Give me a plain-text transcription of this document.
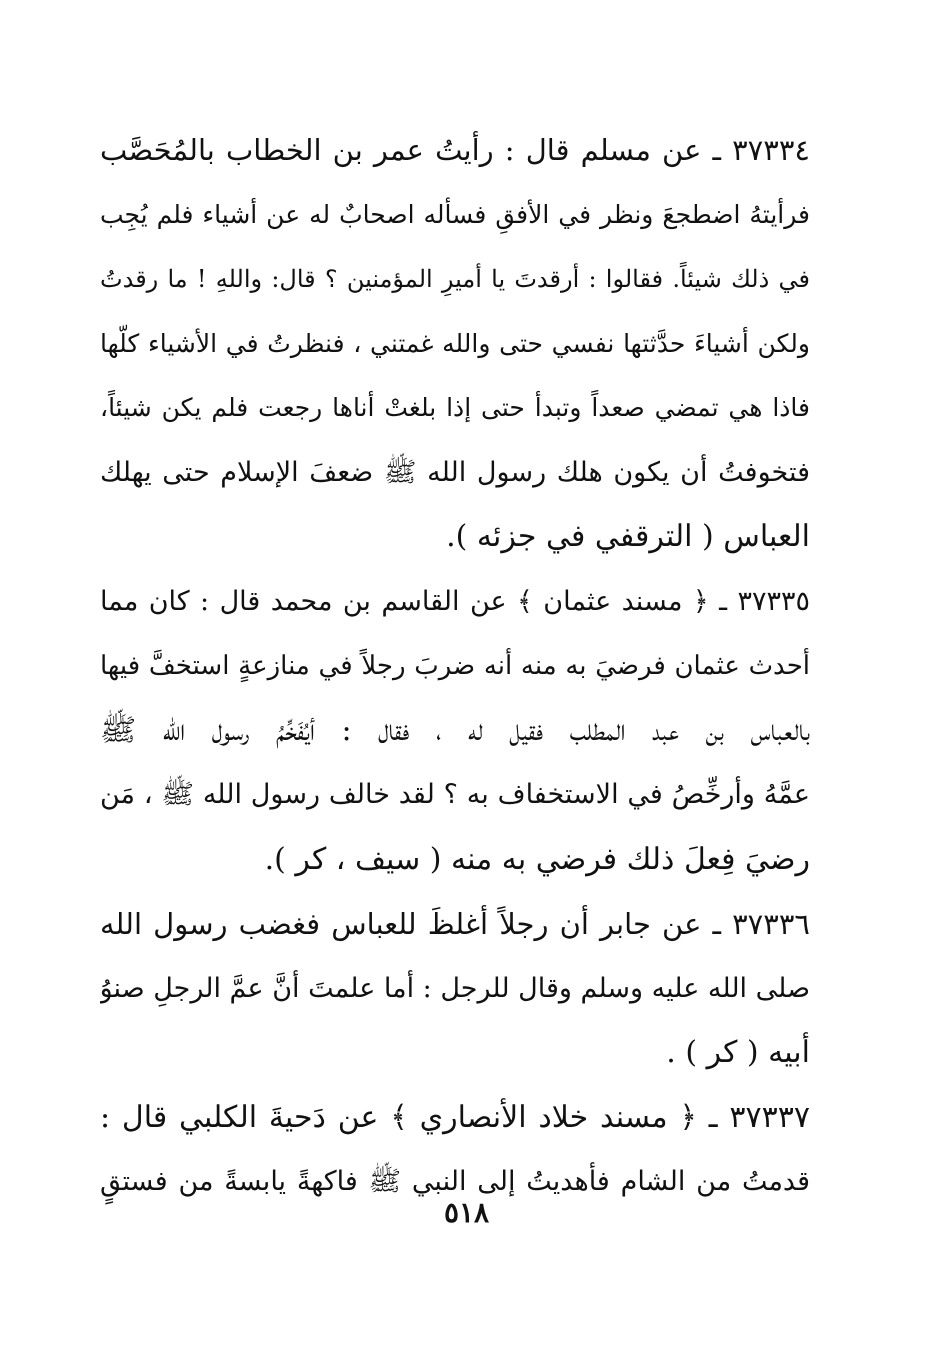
٣٧٣٣٤ ـ عن مسلم قال : رأيتُ عمر بن الخطاب بالمُحَصَّب
فرأيتهُ اضطجعَ ونظر في الأفقِ فسأله اصحابٌ له عن أشياء فلم يُجِب
في ذلك شيئاً. فقالوا : أرقدتَ يا أميرِ المؤمنين ؟ قال: واللهِ ! ما رقدتُ
ولكن أشياءَ حدَّثتها نفسي حتى والله غمتني ، فنظرتُ في الأشياء كلّها
فاذا هي تمضي صعداً وتبدأ حتى إذا بلغتْ أناها رجعت فلم يكن شيئاً،
فتخوفتُ أن يكون هلك رسول الله ﷺ ضعفَ الإسلام حتى يهلك
العباس ( الترقفي في جزئه ).
٣٧٣٣٥ ـ ﴿ مسند عثمان ﴾ عن القاسم بن محمد قال : كان مما
أحدث عثمان فرضيَ به منه أنه ضربَ رجلاً في منازعةٍ استخفَّ فيها
بالعباس بن عبد المطلب فقيل له ، فقال : أيُفَخِّمُ رسول الله ﷺ
عمَّهُ وأرخِّصُ في الاستخفاف به ؟ لقد خالف رسول الله ﷺ ، مَن
رضيَ فِعلَ ذلك فرضي به منه ( سيف ، كر ).
٣٧٣٣٦ ـ عن جابر أن رجلاً أغلظَ للعباس فغضب رسول الله
صلى الله عليه وسلم وقال للرجل : أما علمتَ أنَّ عمَّ الرجلِ صنوُ
أبيه ( كر ) .
٣٧٣٣٧ ـ ﴿ مسند خلاد الأنصاري ﴾ عن دَحيةَ الكلبي قال :
قدمتُ من الشام فأهديتُ إلى النبي ﷺ فاكهةً يابسةً من فستقٍ
٥١٨
